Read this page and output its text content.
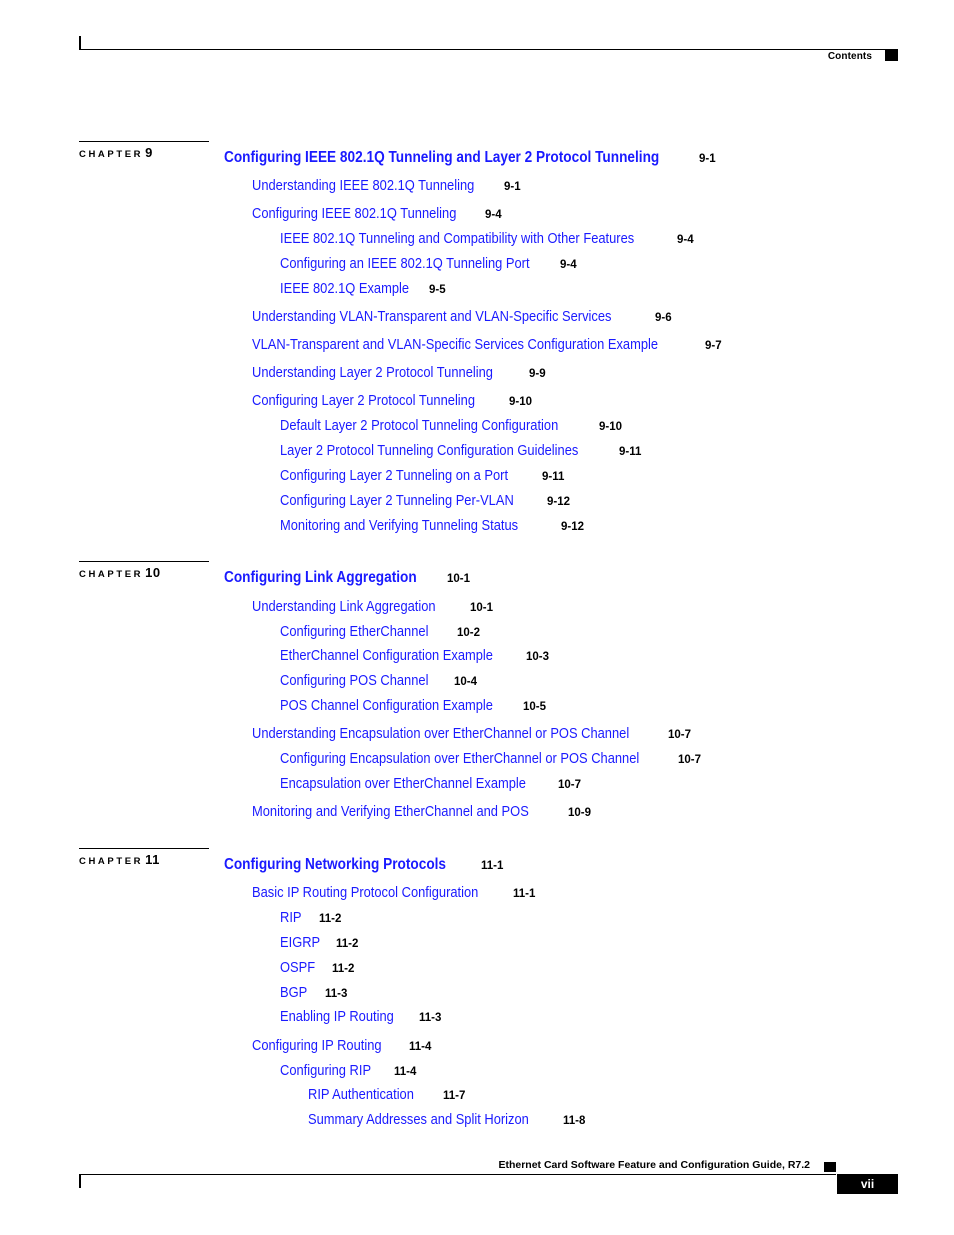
Contents
CHAPTER 9	Configuring IEEE 802.1Q Tunneling and Layer 2 Protocol Tunneling	9-1
Understanding IEEE 802.1Q Tunneling	9-1
Configuring IEEE 802.1Q Tunneling 9-4
IEEE 802.1Q Tunneling and Compatibility with Other Features	9-4
Configuring an IEEE 802.1Q Tunneling Port	9-4
IEEE 802.1Q Example 9-5
Understanding VLAN-Transparent and VLAN-Specific Services	9-6
VLAN-Transparent and VLAN-Specific Services Configuration Example	9-7
Understanding Layer 2 Protocol Tunneling	9-9
Configuring Layer 2 Protocol Tunneling	9-10
Default Layer 2 Protocol Tunneling Configuration	9-10
Layer 2 Protocol Tunneling Configuration Guidelines	9-11
Configuring Layer 2 Tunneling on a Port	9-11
Configuring Layer 2 Tunneling Per-VLAN	9-12
Monitoring and Verifying Tunneling Status	9-12
CHAPTER 10	Configuring Link Aggregation	10-1
Understanding Link Aggregation	10-1
Configuring EtherChannel 10-2
EtherChannel Configuration Example	10-3
Configuring POS Channel 10-4
POS Channel Configuration Example	10-5
Understanding Encapsulation over EtherChannel or POS Channel	10-7
Configuring Encapsulation over EtherChannel or POS Channel	10-7
Encapsulation over EtherChannel Example	10-7
Monitoring and Verifying EtherChannel and POS	10-9
CHAPTER 11	Configuring Networking Protocols	11-1
Basic IP Routing Protocol Configuration	11-1
RIP 11-2
EIGRP 11-2
OSPF 11-2
BGP 11-3
Enabling IP Routing 11-3
Configuring IP Routing 11-4
Configuring RIP 11-4
RIP Authentication	11-7
Summary Addresses and Split Horizon	11-8
Ethernet Card Software Feature and Configuration Guide, R7.2
vii
